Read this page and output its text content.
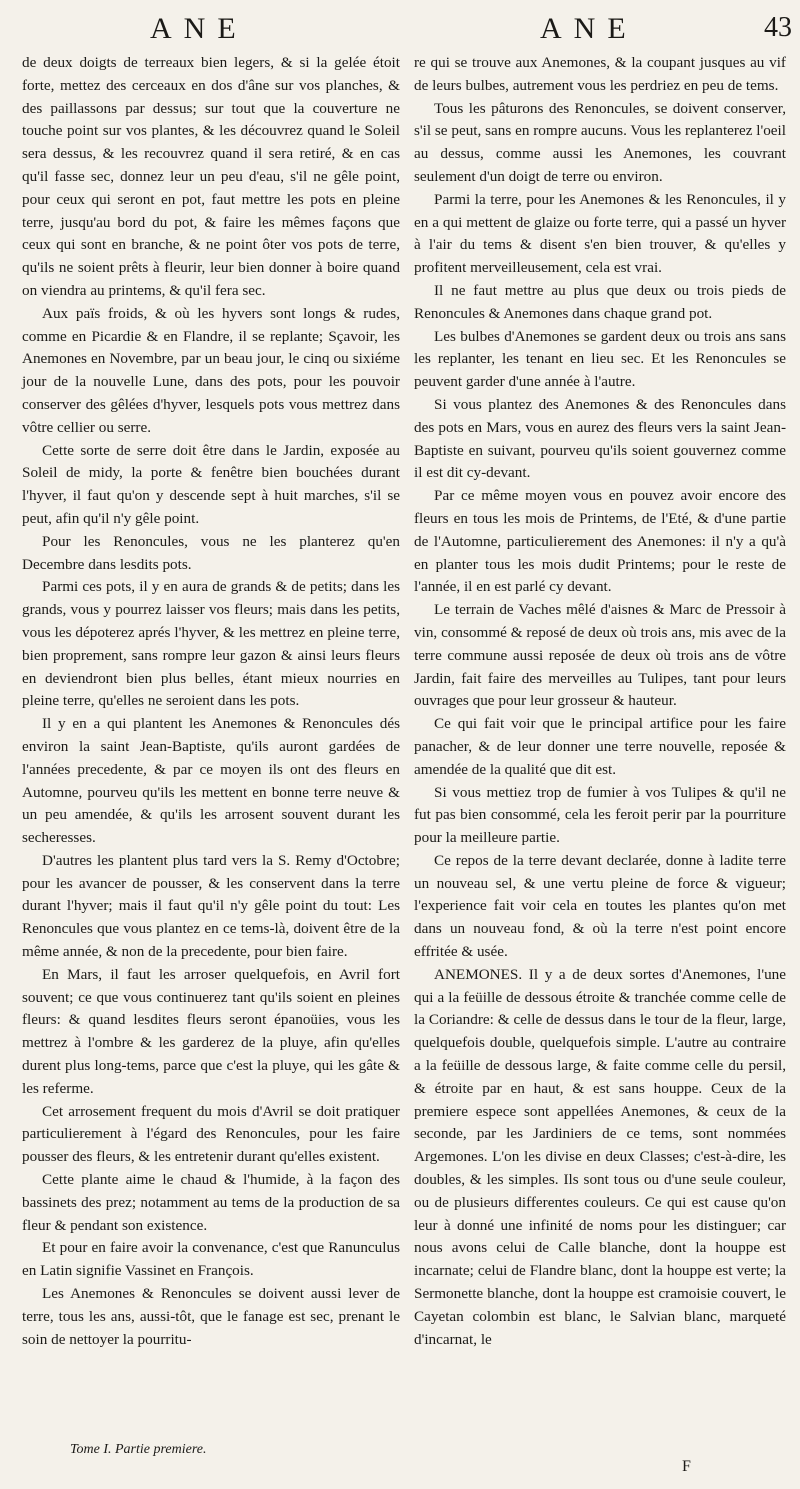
ANE	ANE	43

de deux doigts de terreaux bien legers, & si la gelée étoit forte, mettez des cerceaux en dos d'âne sur vos planches, & des paillassons par dessus; sur tout que la couverture ne touche point sur vos plantes, & les découvrez quand le Soleil sera dessus, & les recouvrez quand il sera retiré, & en cas qu'il fasse sec, donnez leur un peu d'eau, s'il ne gêle point, pour ceux qui seront en pot, faut mettre les pots en pleine terre, jusqu'au bord du pot, & faire les mêmes façons que ceux qui sont en branche, & ne point ôter vos pots de terre, qu'ils ne soient prêts à fleurir, leur bien donner à boire quand on viendra au printems, & qu'il fera sec.

Aux païs froids, & où les hyvers sont longs & rudes, comme en Picardie & en Flandre, il se replante; Sçavoir, les Anemones en Novembre, par un beau jour, le cinq ou sixiéme jour de la nouvelle Lune, dans des pots, pour les pouvoir conserver des gêlées d'hyver, lesquels pots vous mettrez dans vôtre cellier ou serre.

Cette sorte de serre doit être dans le Jardin, exposée au Soleil de midy, la porte & fenêtre bien bouchées durant l'hyver, il faut qu'on y descende sept à huit marches, s'il se peut, afin qu'il n'y gêle point.

Pour les Renoncules, vous ne les planterez qu'en Decembre dans lesdits pots.

Parmi ces pots, il y en aura de grands & de petits; dans les grands, vous y pourrez laisser vos fleurs; mais dans les petits, vous les dépoterez aprés l'hyver, & les mettrez en pleine terre, bien proprement, sans rompre leur gazon & ainsi leurs fleurs en deviendront bien plus belles, étant mieux nourries en pleine terre, qu'elles ne seroient dans les pots.

Il y en a qui plantent les Anemones & Renoncules dés environ la saint Jean-Baptiste, qu'ils auront gardées de l'années precedente, & par ce moyen ils ont des fleurs en Automne, pourveu qu'ils les mettent en bonne terre neuve & un peu amendée, & qu'ils les arrosent souvent durant les secheresses.

D'autres les plantent plus tard vers la S. Remy d'Octobre; pour les avancer de pousser, & les conservent dans la terre durant l'hyver; mais il faut qu'il n'y gêle point du tout: Les Renoncules que vous plantez en ce tems-là, doivent être de la même année, & non de la precedente, pour bien faire.

En Mars, il faut les arroser quelquefois, en Avril fort souvent; ce que vous continuerez tant qu'ils soient en pleines fleurs: & quand lesdites fleurs seront épanoüies, vous les mettrez à l'ombre & les garderez de la pluye, afin qu'elles durent plus long-tems, parce que c'est la pluye, qui les gâte & les referme.

Cet arrosement frequent du mois d'Avril se doit pratiquer particulierement à l'égard des Renoncules, pour les faire pousser des fleurs, & les entretenir durant qu'elles existent.

Cette plante aime le chaud & l'humide, à la façon des bassinets des prez; notamment au tems de la production de sa fleur & pendant son existence.

Et pour en faire avoir la convenance, c'est que Ranunculus en Latin signifie Vassinet en François.

Les Anemones & Renoncules se doivent aussi lever de terre, tous les ans, aussi-tôt, que le fanage est sec, prenant le soin de nettoyer la pourritu-

re qui se trouve aux Anemones, & la coupant jusques au vif de leurs bulbes, autrement vous les perdriez en peu de tems.

Tous les pâturons des Renoncules, se doivent conserver, s'il se peut, sans en rompre aucuns. Vous les replanterez l'oeil au dessus, comme aussi les Anemones, les couvrant seulement d'un doigt de terre ou environ.

Parmi la terre, pour les Anemones & les Renoncules, il y en a qui mettent de glaize ou forte terre, qui a passé un hyver à l'air du tems & disent s'en bien trouver, & qu'elles y profitent merveilleusement, cela est vrai.

Il ne faut mettre au plus que deux ou trois pieds de Renoncules & Anemones dans chaque grand pot.

Les bulbes d'Anemones se gardent deux ou trois ans sans les replanter, les tenant en lieu sec. Et les Renoncules se peuvent garder d'une année à l'autre.

Si vous plantez des Anemones & des Renoncules dans des pots en Mars, vous en aurez des fleurs vers la saint Jean-Baptiste en suivant, pourveu qu'ils soient gouvernez comme il est dit cy-devant.

Par ce même moyen vous en pouvez avoir encore des fleurs en tous les mois de Printems, de l'Eté, & d'une partie de l'Automne, particulierement des Anemones: il n'y a qu'à en planter tous les mois dudit Printems; pour le reste de l'année, il en est parlé cy devant.

Le terrain de Vaches mêlé d'aisnes & Marc de Pressoir à vin, consommé & reposé de deux où trois ans, mis avec de la terre commune aussi reposée de deux où trois ans de vôtre Jardin, fait faire des merveilles au Tulipes, tant pour leurs ouvrages que pour leur grosseur & hauteur.

Ce qui fait voir que le principal artifice pour les faire panacher, & de leur donner une terre nouvelle, reposée & amendée de la qualité que dit est.

Si vous mettiez trop de fumier à vos Tulipes & qu'il ne fut pas bien consommé, cela les feroit perir par la pourriture pour la meilleure partie.

Ce repos de la terre devant declarée, donne à ladite terre un nouveau sel, & une vertu pleine de force & vigueur; l'experience fait voir cela en toutes les plantes qu'on met dans un nouveau fond, & où la terre n'est point encore effritée & usée.

ANEMONES. Il y a de deux sortes d'Anemones, l'une qui a la feüille de dessous étroite & tranchée comme celle de la Coriandre: & celle de dessus dans le tour de la fleur, large, quelquefois double, quelquefois simple. L'autre au contraire a la feüille de dessous large, & faite comme celle du persil, & étroite par en haut, & est sans houppe. Ceux de la premiere espece sont appellées Anemones, & ceux de la seconde, par les Jardiniers de ce tems, sont nommées Argemones. L'on les divise en deux Classes; c'est-à-dire, les doubles, & les simples. Ils sont tous ou d'une seule couleur, ou de plusieurs differentes couleurs. Ce qui est cause qu'on leur à donné une infinité de noms pour les distinguer; car nous avons celui de Calle blanche, dont la houppe est incarnate; celui de Flandre blanc, dont la houppe est verte; la Sermonette blanche, dont la houppe est cramoisie couvert, le Cayetan colombin est blanc, le Salvian blanc, marqueté d'incarnat, le

Tome I. Partie premiere.
F
